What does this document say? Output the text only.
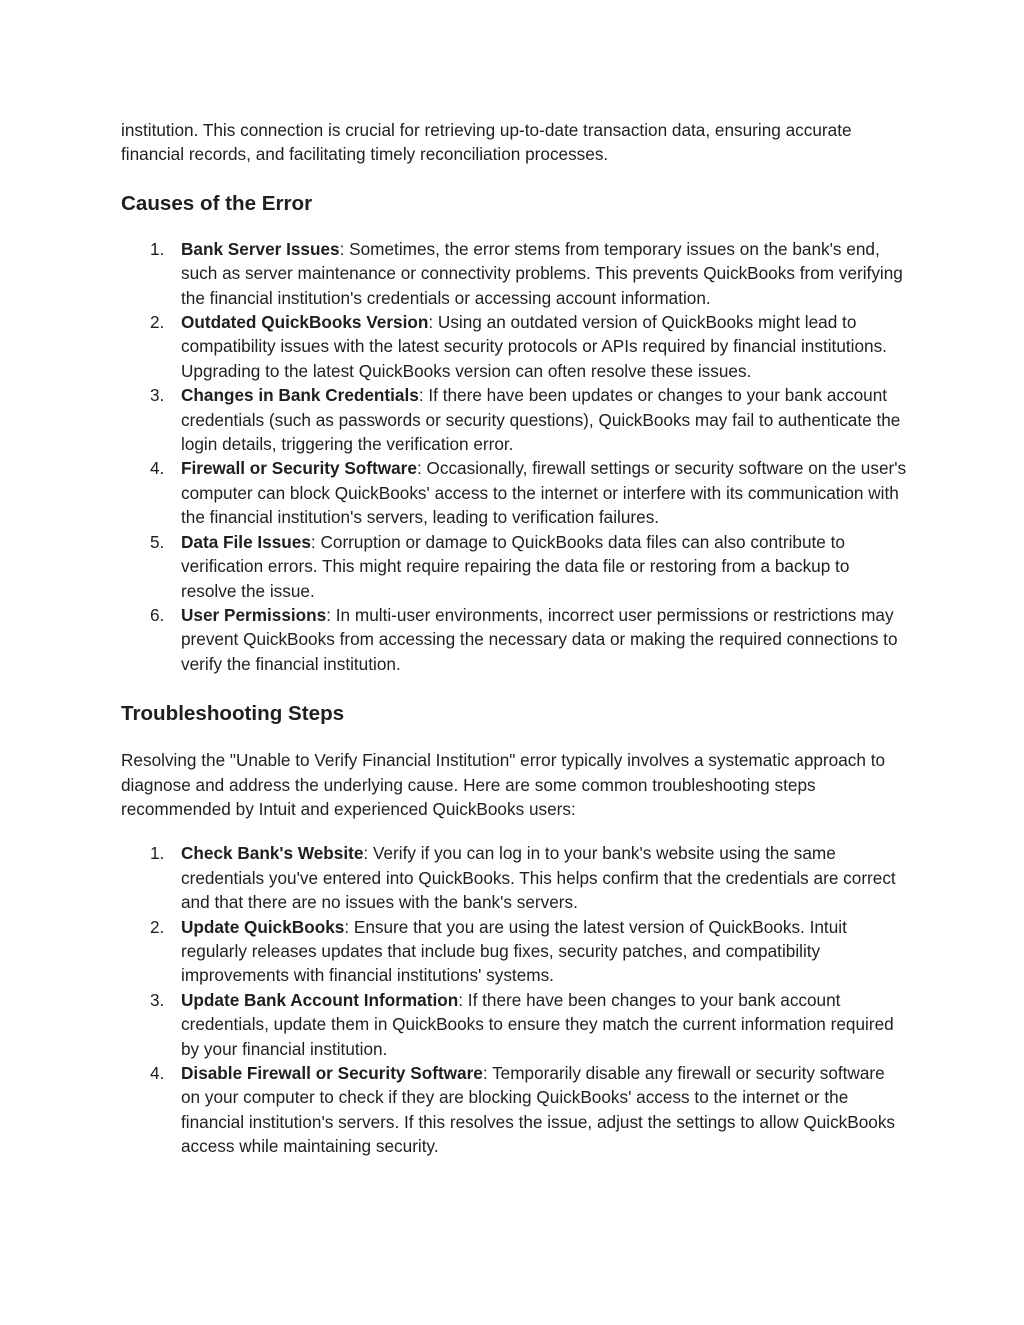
institution. This connection is crucial for retrieving up-to-date transaction data, ensuring accurate financial records, and facilitating timely reconciliation processes.

Causes of the Error
1. Bank Server Issues: Sometimes, the error stems from temporary issues on the bank's end, such as server maintenance or connectivity problems. This prevents QuickBooks from verifying the financial institution's credentials or accessing account information.
2. Outdated QuickBooks Version: Using an outdated version of QuickBooks might lead to compatibility issues with the latest security protocols or APIs required by financial institutions. Upgrading to the latest QuickBooks version can often resolve these issues.
3. Changes in Bank Credentials: If there have been updates or changes to your bank account credentials (such as passwords or security questions), QuickBooks may fail to authenticate the login details, triggering the verification error.
4. Firewall or Security Software: Occasionally, firewall settings or security software on the user's computer can block QuickBooks' access to the internet or interfere with its communication with the financial institution's servers, leading to verification failures.
5. Data File Issues: Corruption or damage to QuickBooks data files can also contribute to verification errors. This might require repairing the data file or restoring from a backup to resolve the issue.
6. User Permissions: In multi-user environments, incorrect user permissions or restrictions may prevent QuickBooks from accessing the necessary data or making the required connections to verify the financial institution.
Troubleshooting Steps

Resolving the "Unable to Verify Financial Institution" error typically involves a systematic approach to diagnose and address the underlying cause. Here are some common troubleshooting steps recommended by Intuit and experienced QuickBooks users:

1. Check Bank's Website: Verify if you can log in to your bank's website using the same credentials you've entered into QuickBooks. This helps confirm that the credentials are correct and that there are no issues with the bank's servers.
2. Update QuickBooks: Ensure that you are using the latest version of QuickBooks. Intuit regularly releases updates that include bug fixes, security patches, and compatibility improvements with financial institutions' systems.
3. Update Bank Account Information: If there have been changes to your bank account credentials, update them in QuickBooks to ensure they match the current information required by your financial institution.
4. Disable Firewall or Security Software: Temporarily disable any firewall or security software on your computer to check if they are blocking QuickBooks' access to the internet or the financial institution's servers. If this resolves the issue, adjust the settings to allow QuickBooks access while maintaining security.
